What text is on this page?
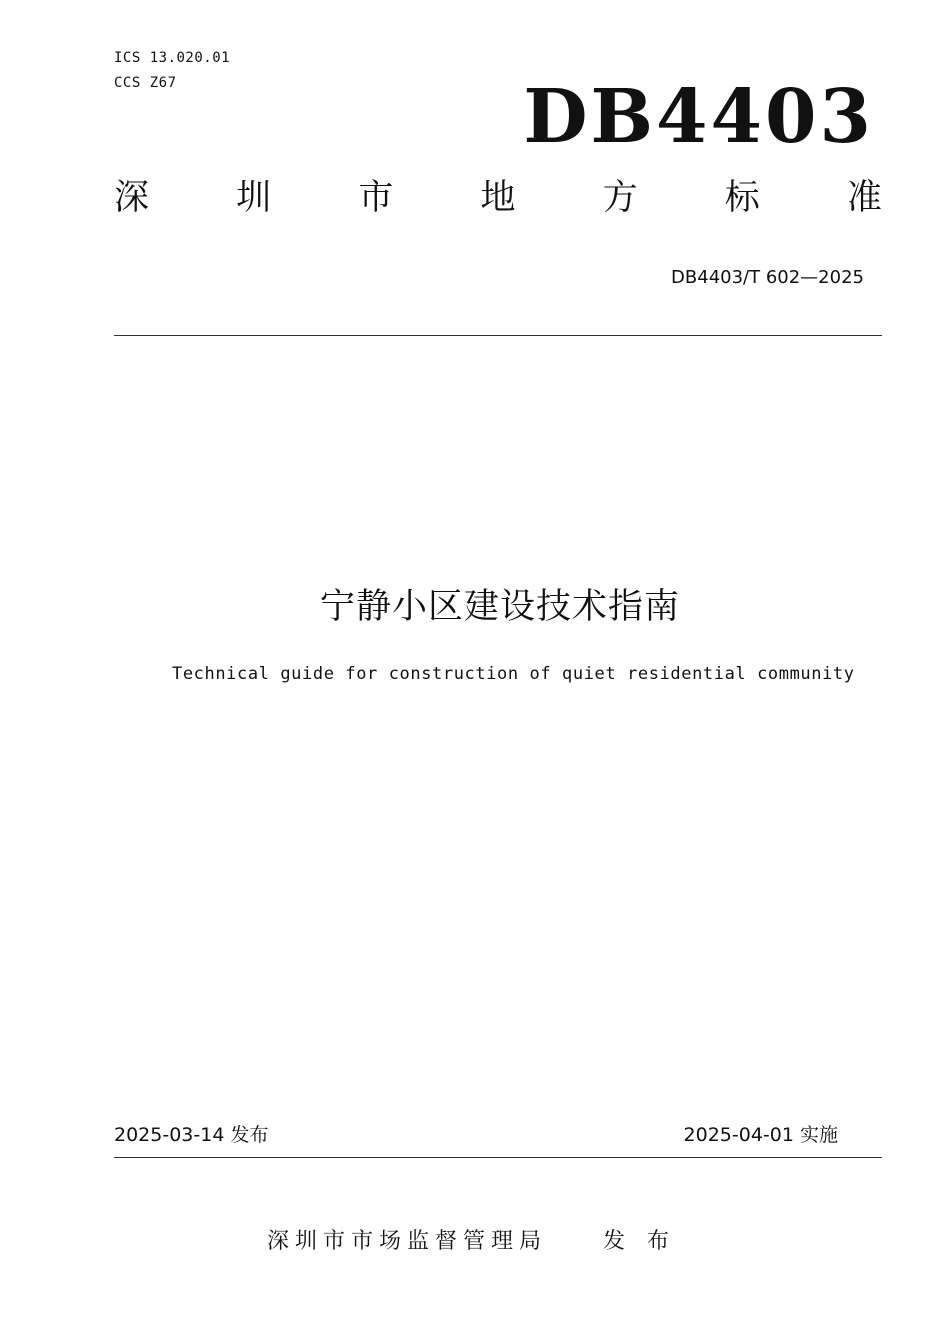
ICS 13.020.01
CCS Z67	DB4403
深 圳 市 地 方 标 准
DB4403/T 602—2025
宁静小区建设技术指南
Technical guide for construction of quiet residential community
2025-03-14 发布	2025-04-01 实施
深圳市市场监督管理局	发布
